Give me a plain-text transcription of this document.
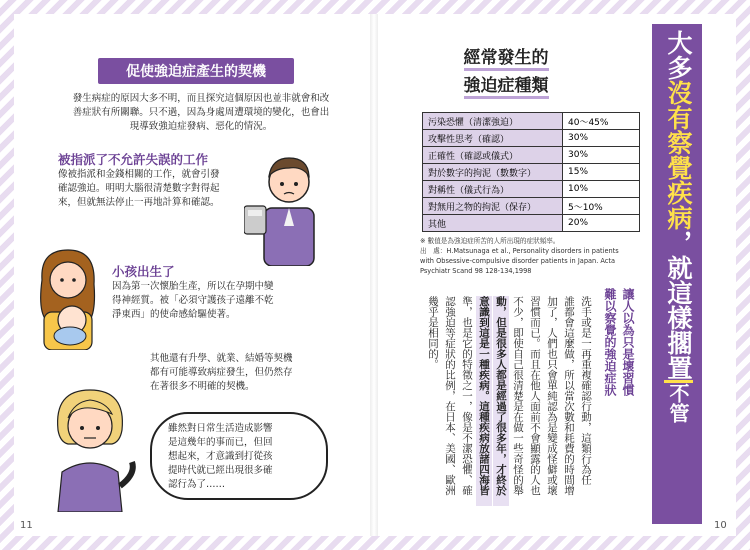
11	10
促使強迫症產生的契機
發生病症的原因大多不明，而且探究這個原因也並非就會和改
善症狀有所關聯。只不過，因為身處周遭環境的變化，也會出
現導致強迫症發病、惡化的情況。
被指派了不允許失誤的工作
像被指派和金錢相關的工作，就會引發
確認強迫。明明大腦很清楚數字對得起
來，但就無法停止一再地計算和確認。
小孩出生了
因為第一次懷胎生產，所以在孕期中變
得神經質。被「必須守護孩子遠離不乾
淨東西」的使命感給驅使著。
其他還有升學、就業、結婚等契機
都有可能導致病症發生，但仍然存
在著很多不明確的契機。
雖然對日常生活造成影響
是這幾年的事而已，但回
想起來，才意識到打從孩
提時代就已經出現很多確
認行為了……
經常發生的
強迫症種類
污染恐懼（清潔強迫）	40～45%
攻擊性思考（確認）	30%
正確性（確認或儀式）	30%
對於數字的拘泥（數數字）	15%
對稱性（儀式行為）	10%
對無用之物的拘泥（保存）	5～10%
其他	20%
※ 數值是為強迫症所苦的人所出現的症狀頻率。
出　處：H.Matsunaga et al., Personality disorders in patients
with Obsessive-compulsive disorder patients in Japan. Acta
Psychiatr Scand 98 128-134,1998
讓人以為只是壞習慣
難以察覺的強迫症狀
洗手或是一再重複確認行動，這類行為任
誰都會這麼做，所以當次數和耗費的時間增
加了，人們也只會單純認為是變成怪僻或壞
習慣而已。而且在他人面前不會顯露的人也
不少，即使自己很清楚是在做一些奇怪的舉
動，但是很多人都是經過了很多年，才終於
意識到這是一種疾病。這種疾病放諸四海皆
準，也是它的特徵之一，像是不潔恐懼、確
認強迫等症狀的比例，在日本、美國、歐洲
幾乎是相同的。
大多沒有察覺疾病，就這樣擱置不管
